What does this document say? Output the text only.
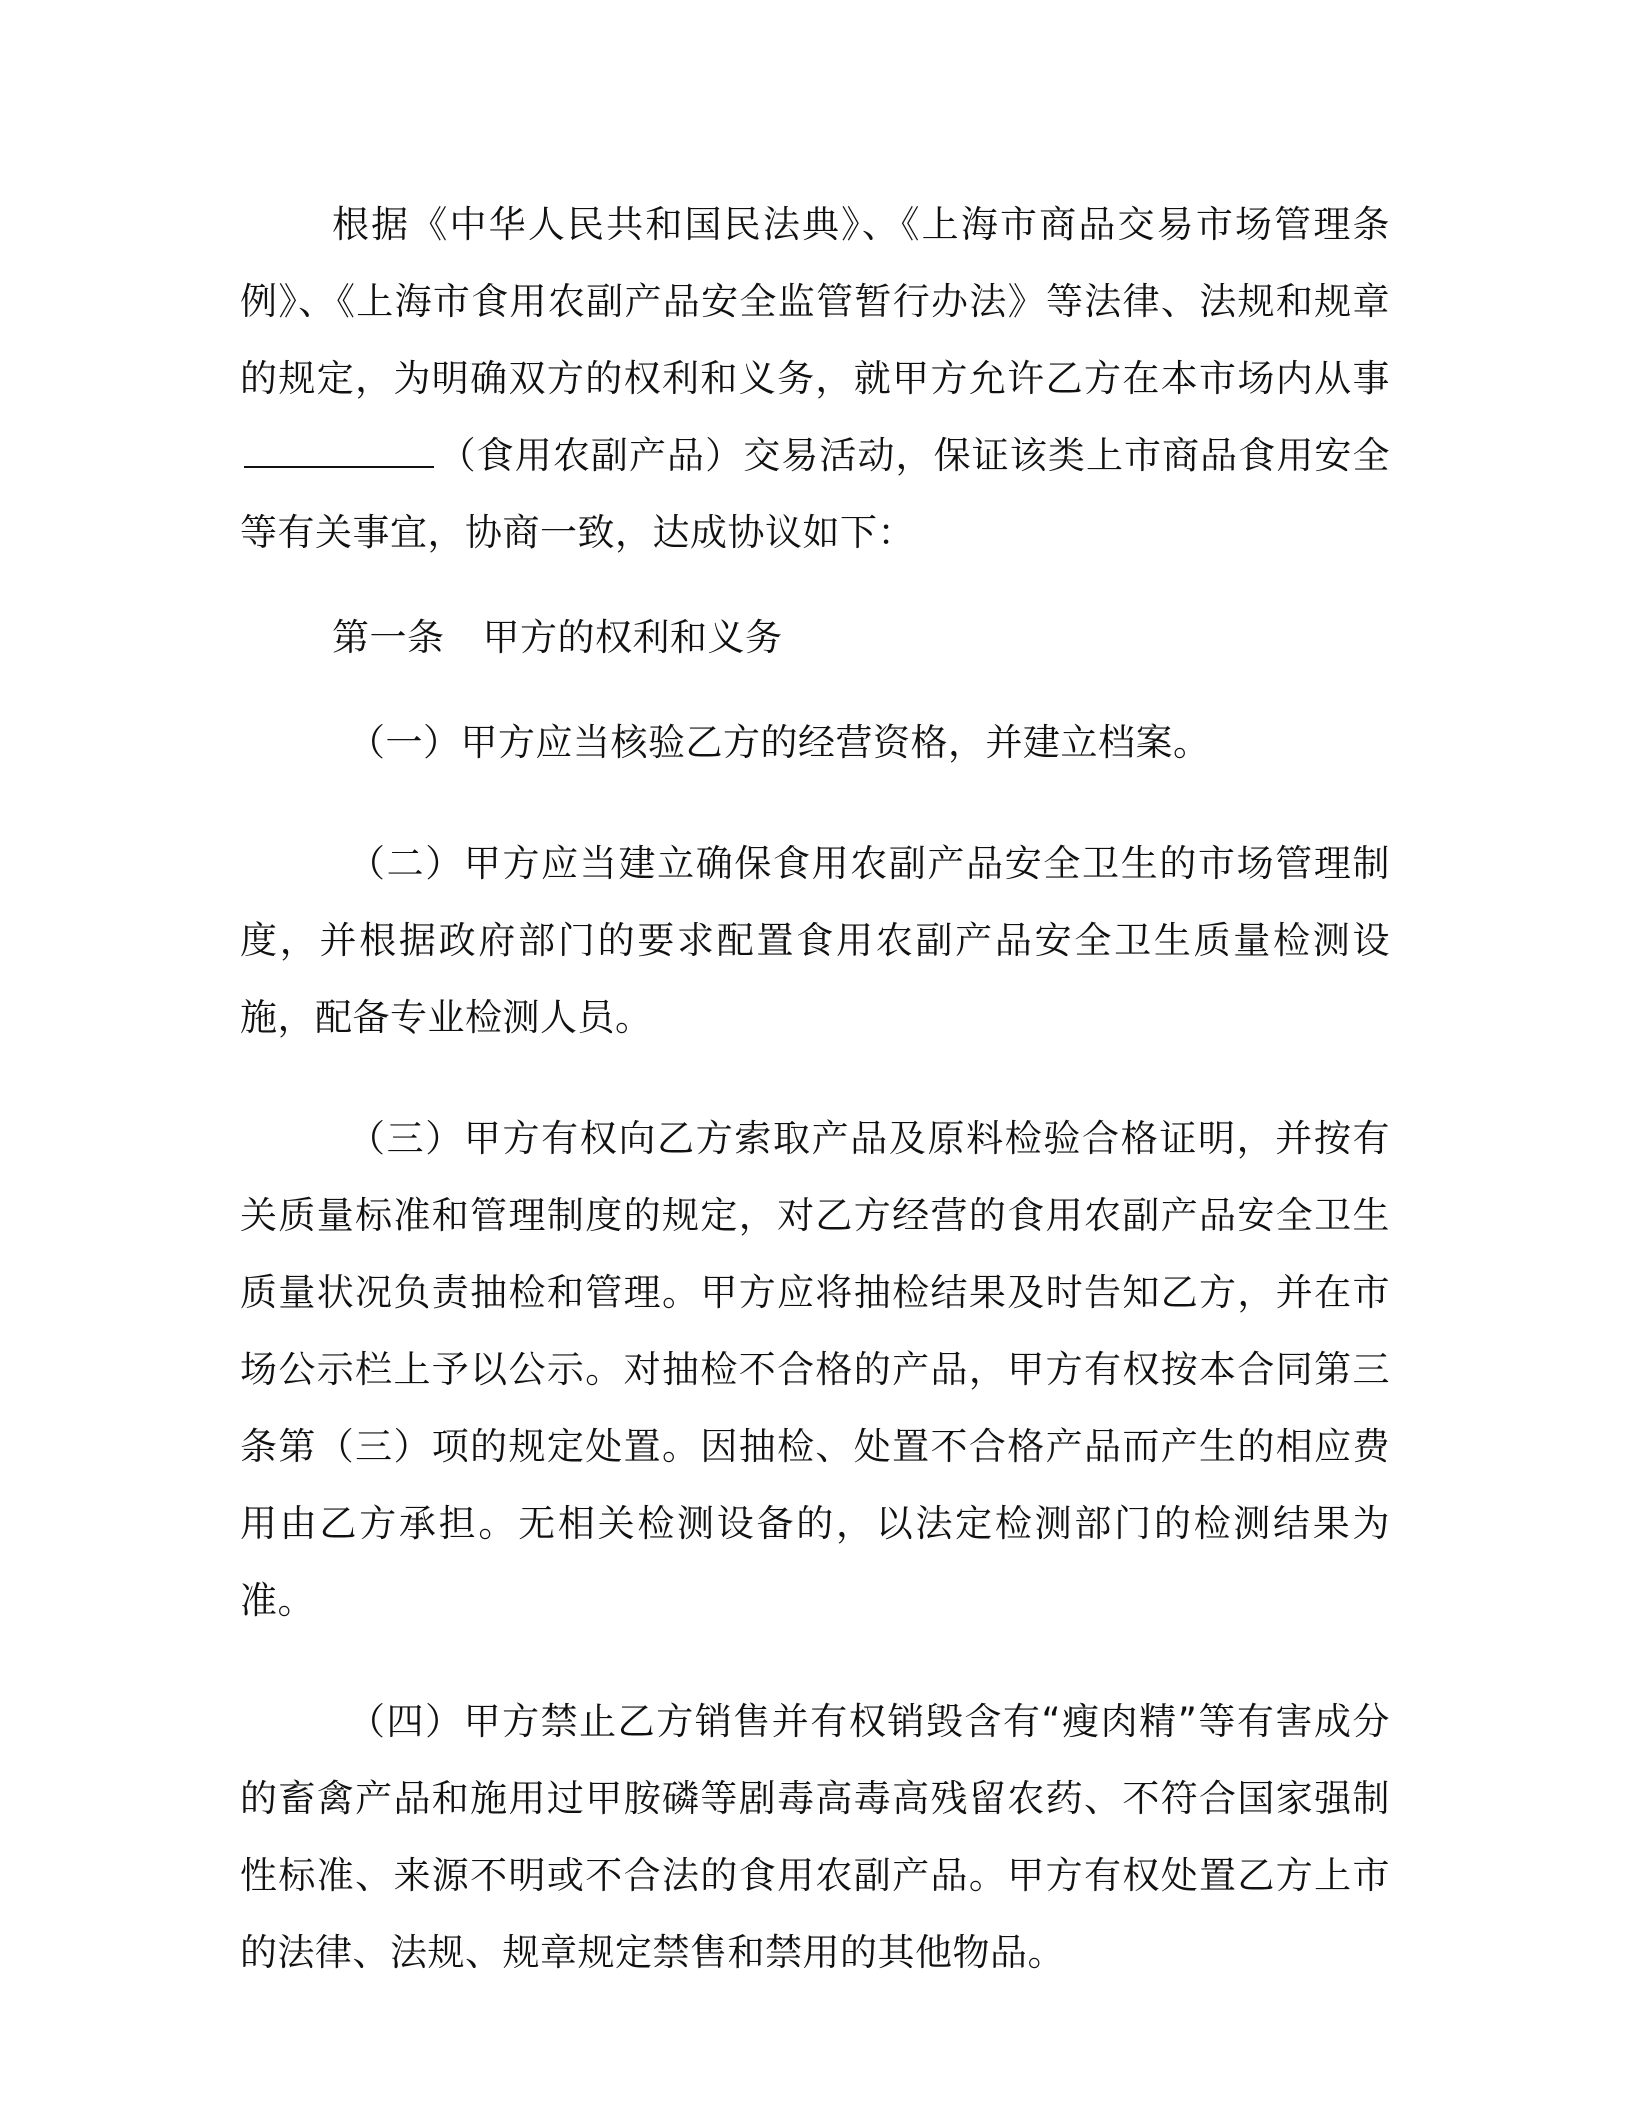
根据《中华人民共和国民法典》、《上海市商品交易市场管理条例》、《上海市食用农副产品安全监管暂行办法》等法律、法规和规章的规定，为明确双方的权利和义务，就甲方允许乙方在本市场内从事（食用农副产品）交易活动，保证该类上市商品食用安全等有关事宜，协商一致，达成协议如下：

第一条 甲方的权利和义务

（一）甲方应当核验乙方的经营资格，并建立档案。

（二）甲方应当建立确保食用农副产品安全卫生的市场管理制度，并根据政府部门的要求配置食用农副产品安全卫生质量检测设施，配备专业检测人员。

（三）甲方有权向乙方索取产品及原料检验合格证明，并按有关质量标准和管理制度的规定，对乙方经营的食用农副产品安全卫生质量状况负责抽检和管理。甲方应将抽检结果及时告知乙方，并在市场公示栏上予以公示。对抽检不合格的产品，甲方有权按本合同第三条第（三）项的规定处置。因抽检、处置不合格产品而产生的相应费用由乙方承担。无相关检测设备的，以法定检测部门的检测结果为准。

（四）甲方禁止乙方销售并有权销毁含有“瘦肉精”等有害成分的畜禽产品和施用过甲胺磷等剧毒高毒高残留农药、不符合国家强制性标准、来源不明或不合法的食用农副产品。甲方有权处置乙方上市的法律、法规、规章规定禁售和禁用的其他物品。
